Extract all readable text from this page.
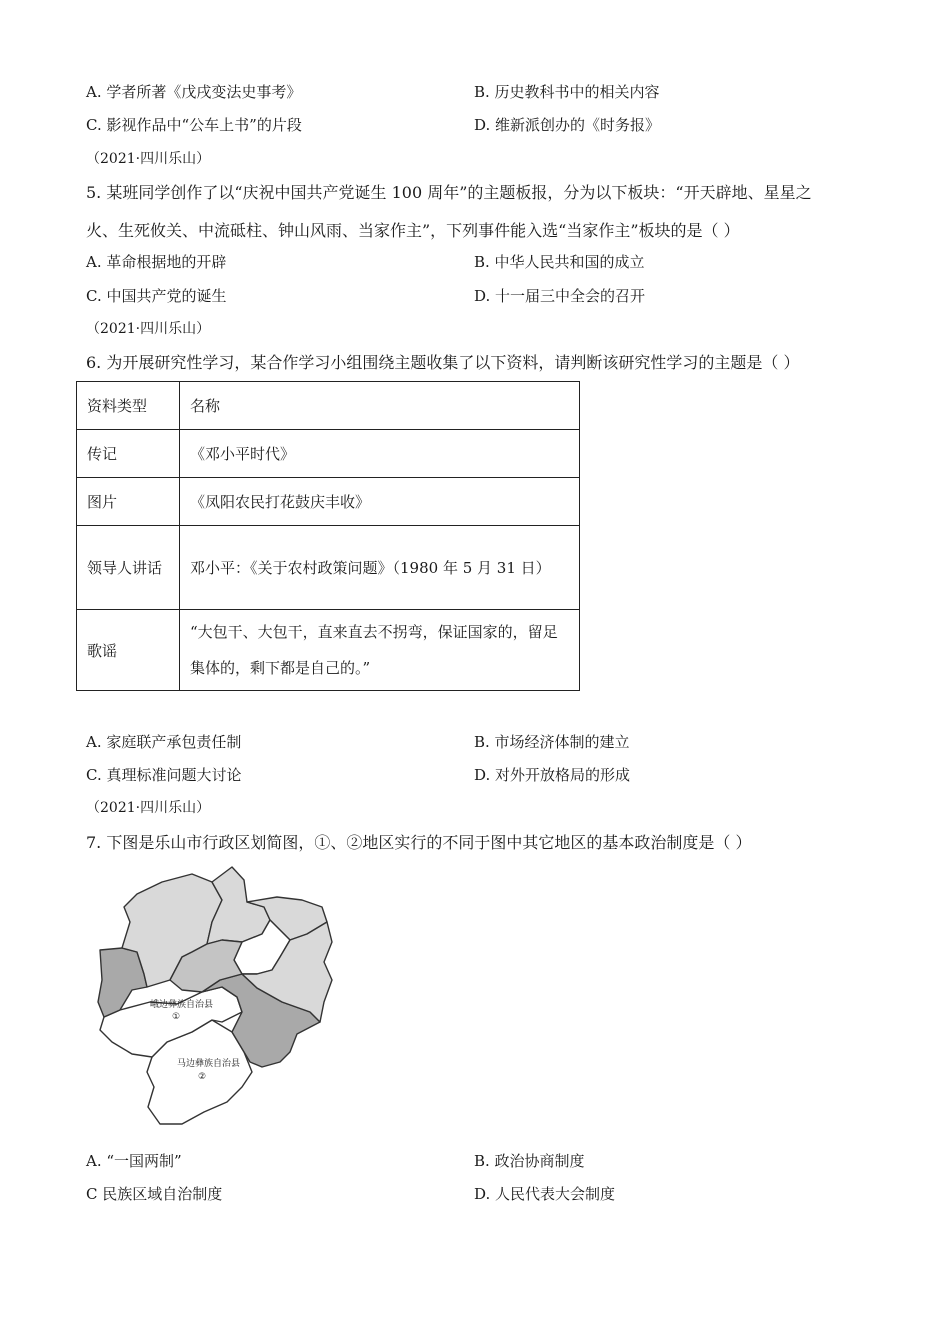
A. 学者所著《戊戌变法史事考》	B. 历史教科书中的相关内容
C. 影视作品中“公车上书”的片段	D. 维新派创办的《时务报》
（2021·四川乐山）
5. 某班同学创作了以“庆祝中国共产党诞生 100 周年”的主题板报，分为以下板块：“开天辟地、星星之
火、生死攸关、中流砥柱、钟山风雨、当家作主”，下列事件能入选“当家作主”板块的是（ ）
A. 革命根据地的开辟	B. 中华人民共和国的成立
C. 中国共产党的诞生	D. 十一届三中全会的召开
（2021·四川乐山）
6. 为开展研究性学习，某合作学习小组围绕主题收集了以下资料，请判断该研究性学习的主题是（ ）
资料类型	名称
传记	《邓小平时代》
图片	《凤阳农民打花鼓庆丰收》
领导人讲话	邓小平：《关于农村政策问题》（1980 年 5 月 31 日）
歌谣	“大包干、大包干，直来直去不拐弯，保证国家的，留足集体的，剩下都是自己的。”
A. 家庭联产承包责任制	B. 市场经济体制的建立
C. 真理标准问题大讨论	D. 对外开放格局的形成
（2021·四川乐山）
7. 下图是乐山市行政区划简图，①、②地区实行的不同于图中其它地区的基本政治制度是（ ）
峨边彝族自治县
①
马边彝族自治县
②
A. “一国两制”	B. 政治协商制度
C 民族区域自治制度	D. 人民代表大会制度
